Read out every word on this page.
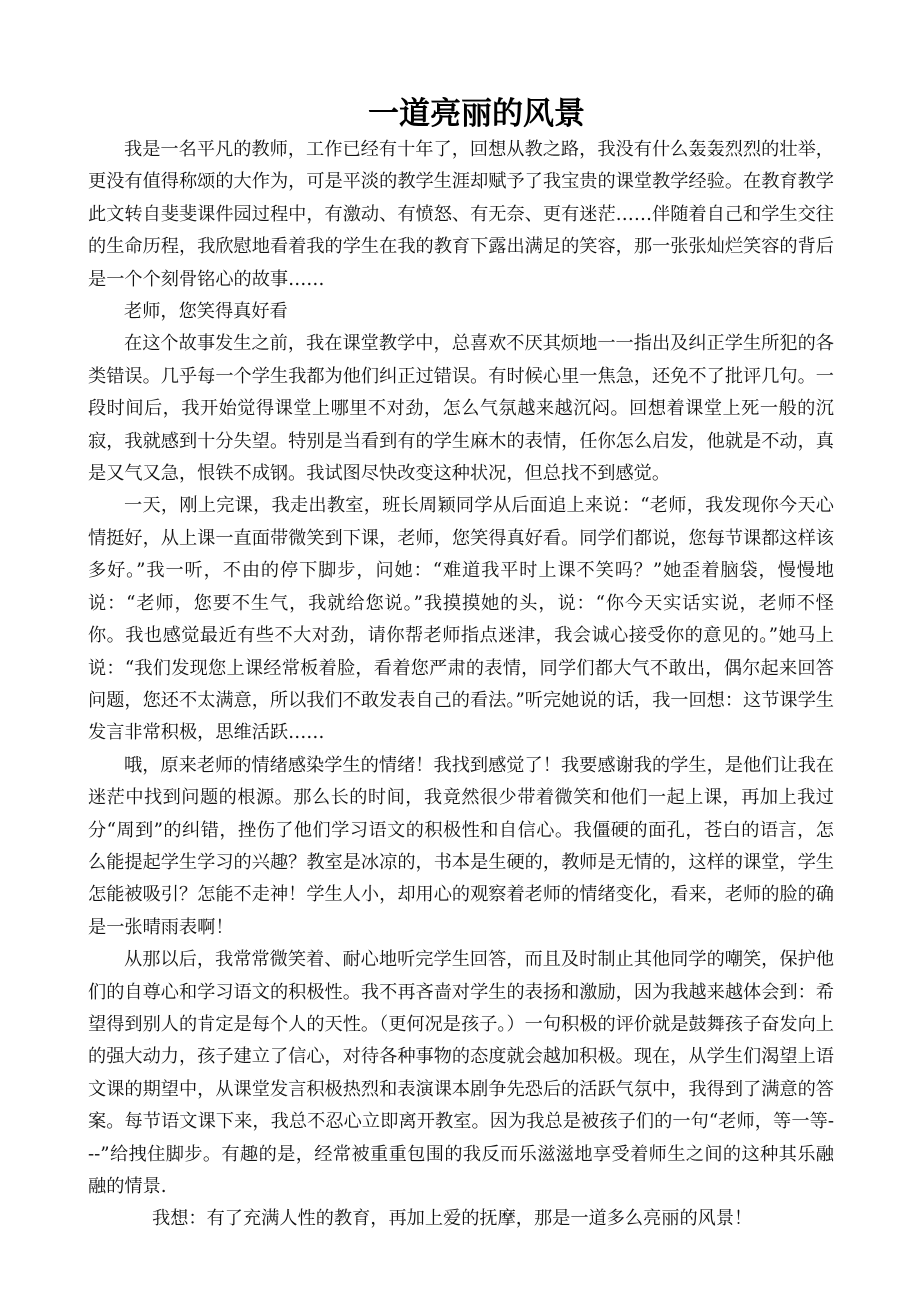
一道亮丽的风景

我是一名平凡的教师，工作已经有十年了，回想从教之路，我没有什么轰轰烈烈的壮举，更没有值得称颂的大作为，可是平淡的教学生涯却赋予了我宝贵的课堂教学经验。在教育教学此文转自斐斐课件园过程中，有激动、有愤怒、有无奈、更有迷茫……伴随着自己和学生交往的生命历程，我欣慰地看着我的学生在我的教育下露出满足的笑容，那一张张灿烂笑容的背后是一个个刻骨铭心的故事……

老师，您笑得真好看

在这个故事发生之前，我在课堂教学中，总喜欢不厌其烦地一一指出及纠正学生所犯的各类错误。几乎每一个学生我都为他们纠正过错误。有时候心里一焦急，还免不了批评几句。一段时间后，我开始觉得课堂上哪里不对劲，怎么气氛越来越沉闷。回想着课堂上死一般的沉寂，我就感到十分失望。特别是当看到有的学生麻木的表情，任你怎么启发，他就是不动，真是又气又急，恨铁不成钢。我试图尽快改变这种状况，但总找不到感觉。

一天，刚上完课，我走出教室，班长周颖同学从后面追上来说：“老师，我发现你今天心情挺好，从上课一直面带微笑到下课，老师，您笑得真好看。同学们都说，您每节课都这样该多好。”我一听，不由的停下脚步，问她：“难道我平时上课不笑吗？”她歪着脑袋，慢慢地说：“老师，您要不生气，我就给您说。”我摸摸她的头，说：“你今天实话实说，老师不怪你。我也感觉最近有些不大对劲，请你帮老师指点迷津，我会诚心接受你的意见的。”她马上说：“我们发现您上课经常板着脸，看着您严肃的表情，同学们都大气不敢出，偶尔起来回答问题，您还不太满意，所以我们不敢发表自己的看法。”听完她说的话，我一回想：这节课学生发言非常积极，思维活跃……

哦，原来老师的情绪感染学生的情绪！我找到感觉了！我要感谢我的学生，是他们让我在迷茫中找到问题的根源。那么长的时间，我竟然很少带着微笑和他们一起上课，再加上我过分“周到”的纠错，挫伤了他们学习语文的积极性和自信心。我僵硬的面孔，苍白的语言，怎么能提起学生学习的兴趣？教室是冰凉的，书本是生硬的，教师是无情的，这样的课堂，学生怎能被吸引？怎能不走神！学生人小，却用心的观察着老师的情绪变化，看来，老师的脸的确是一张晴雨表啊！

从那以后，我常常微笑着、耐心地听完学生回答，而且及时制止其他同学的嘲笑，保护他们的自尊心和学习语文的积极性。我不再吝啬对学生的表扬和激励，因为我越来越体会到：希望得到别人的肯定是每个人的天性。（更何况是孩子。）一句积极的评价就是鼓舞孩子奋发向上的强大动力，孩子建立了信心，对待各种事物的态度就会越加积极。现在，从学生们渴望上语文课的期望中，从课堂发言积极热烈和表演课本剧争先恐后的活跃气氛中，我得到了满意的答案。每节语文课下来，我总不忍心立即离开教室。因为我总是被孩子们的一句“老师，等一等---”给拽住脚步。有趣的是，经常被重重包围的我反而乐滋滋地享受着师生之间的这种其乐融融的情景.

我想：有了充满人性的教育，再加上爱的抚摩，那是一道多么亮丽的风景！
